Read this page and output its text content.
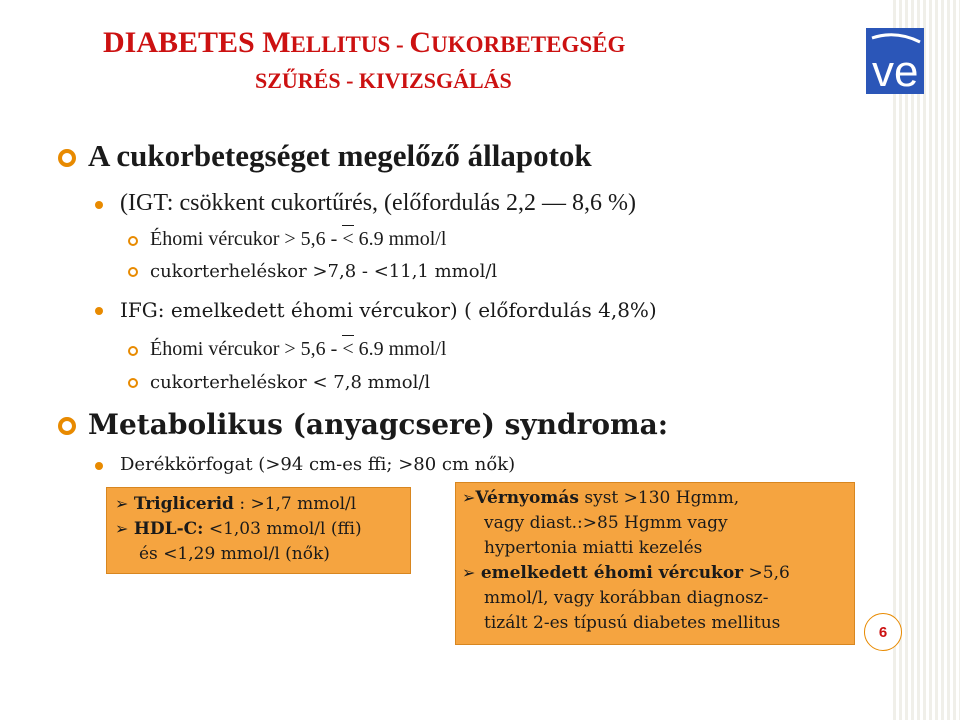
DIABETES MELLITUS - CUKORBETEGSÉG
SZŰRÉS - KIVIZSGÁLÁS	ve
A cukorbetegséget megelőző állapotok
(IGT: csökkent cukortűrés, (előfordulás 2,2 — 8,6 %)
Éhomi vércukor > 5,6 - < 6.9 mmol/l
cukorterheléskor >7,8 - <11,1 mmol/l
IFG: emelkedett éhomi vércukor) ( előfordulás 4,8%)
Éhomi vércukor > 5,6 - < 6.9 mmol/l
cukorterheléskor < 7,8 mmol/l
Metabolikus (anyagcsere) syndroma:
Derékkörfogat (>94 cm-es ffi; >80 cm nők)
➢ Triglicerid : >1,7 mmol/l
➢ HDL-C: <1,03 mmol/l (ffi)
és <1,29 mmol/l (nők)
➢Vérnyomás syst >130 Hgmm,
vagy diast.:>85 Hgmm vagy
hypertonia miatti kezelés
➢ emelkedett éhomi vércukor >5,6
mmol/l, vagy korábban diagnosz-
tizált 2-es típusú diabetes mellitus	6
